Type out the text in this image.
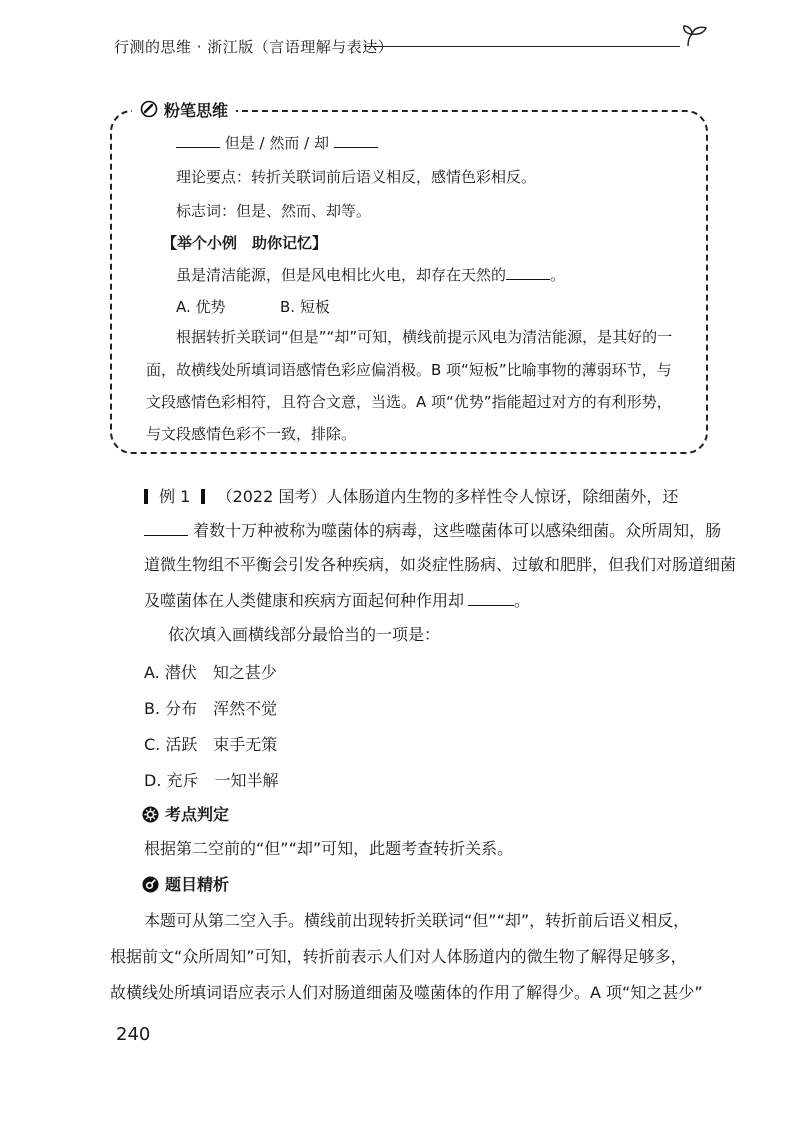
行测的思维 · 浙江版（言语理解与表达）
粉笔思维
但是 / 然而 / 却
理论要点：转折关联词前后语义相反，感情色彩相反。
标志词：但是、然而、却等。
【举个小例　助你记忆】
虽是清洁能源，但是风电相比火电，却存在天然的	。
A. 优势	B. 短板
根据转折关联词“但是”“却”可知，横线前提示风电为清洁能源，是其好的一
面，故横线处所填词语感情色彩应偏消极。B 项“短板”比喻事物的薄弱环节，与
文段感情色彩相符，且符合文意，当选。A 项“优势”指能超过对方的有利形势，
与文段感情色彩不一致，排除。
例 1 （2022 国考）人体肠道内生物的多样性令人惊讶，除细菌外，还
着数十万种被称为噬菌体的病毒，这些噬菌体可以感染细菌。众所周知，肠
道微生物组不平衡会引发各种疾病，如炎症性肠病、过敏和肥胖，但我们对肠道细菌
及噬菌体在人类健康和疾病方面起何种作用却	。
依次填入画横线部分最恰当的一项是：
A. 潜伏　知之甚少
B. 分布　浑然不觉
C. 活跃　束手无策
D. 充斥　一知半解
考点判定
根据第二空前的“但”“却”可知，此题考查转折关系。
题目精析
本题可从第二空入手。横线前出现转折关联词“但”“却”，转折前后语义相反，
根据前文“众所周知”可知，转折前表示人们对人体肠道内的微生物了解得足够多，
故横线处所填词语应表示人们对肠道细菌及噬菌体的作用了解得少。A 项“知之甚少”
240
